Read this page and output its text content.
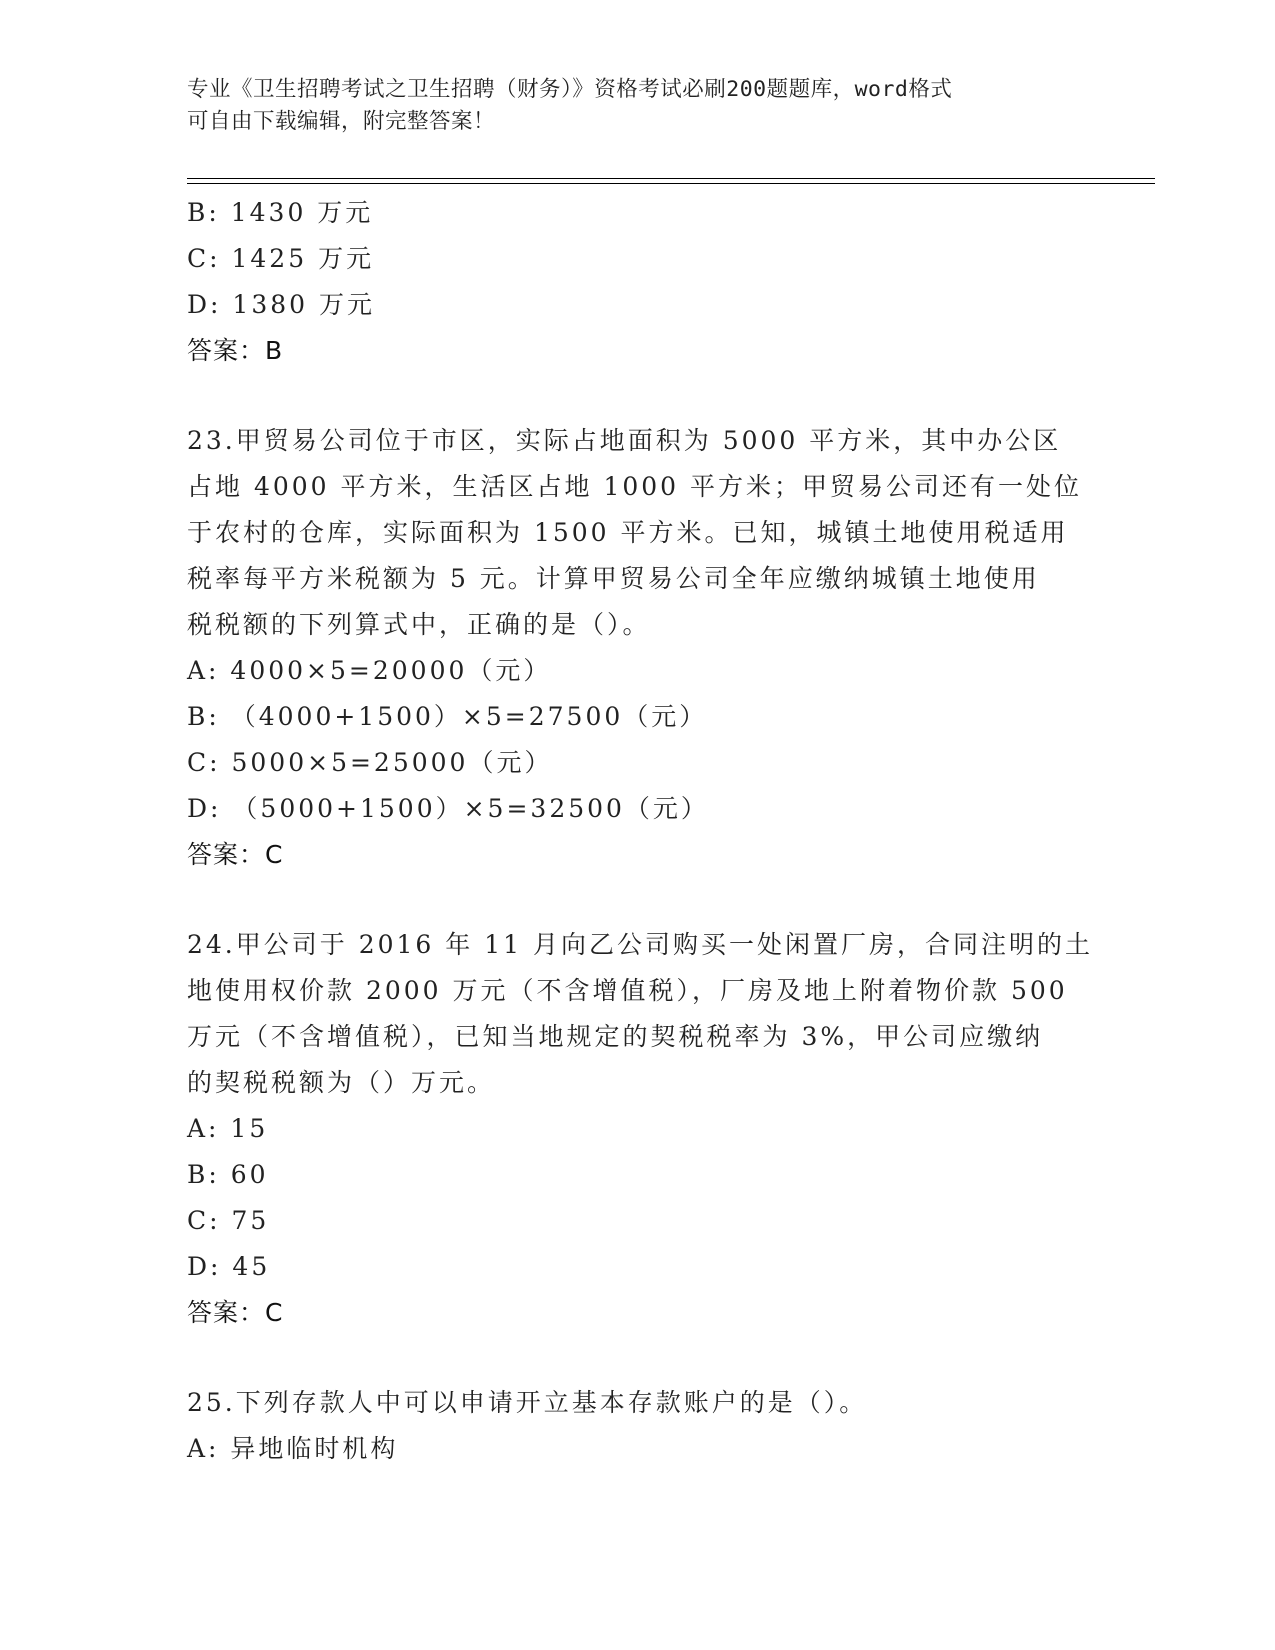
专业《卫生招聘考试之卫生招聘（财务）》资格考试必刷200题题库，word格式
可自由下载编辑，附完整答案！
B: 1430 万元
C: 1425 万元
D: 1380 万元
答案：B
23.甲贸易公司位于市区，实际占地面积为 5000 平方米，其中办公区
占地 4000 平方米，生活区占地 1000 平方米；甲贸易公司还有一处位
于农村的仓库，实际面积为 1500 平方米。已知，城镇土地使用税适用
税率每平方米税额为 5 元。计算甲贸易公司全年应缴纳城镇土地使用
税税额的下列算式中，正确的是（）。
A: 4000×5=20000（元）
B: （4000+1500）×5=27500（元）
C: 5000×5=25000（元）
D: （5000+1500）×5=32500（元）
答案：C
24.甲公司于 2016 年 11 月向乙公司购买一处闲置厂房，合同注明的土
地使用权价款 2000 万元（不含增值税），厂房及地上附着物价款 500
万元（不含增值税），已知当地规定的契税税率为 3%，甲公司应缴纳
的契税税额为（）万元。
A: 15
B: 60
C: 75
D: 45
答案：C
25.下列存款人中可以申请开立基本存款账户的是（）。
A: 异地临时机构
